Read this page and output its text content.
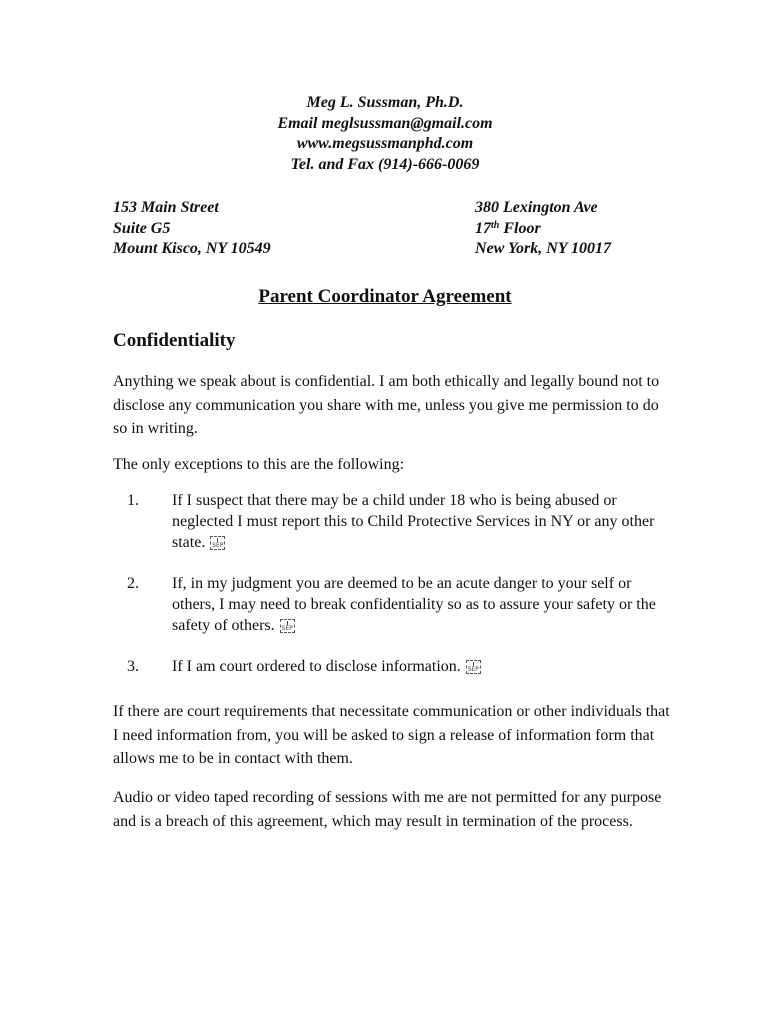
Meg L. Sussman, Ph.D.
Email meglsussman@gmail.com
www.megsussmanphd.com
Tel. and Fax (914)-666-0069
153 Main Street
Suite G5
Mount Kisco, NY 10549
380 Lexington Ave
17th Floor
New York, NY 10017
Parent Coordinator Agreement
Confidentiality

Anything we speak about is confidential. I am both ethically and legally bound not to disclose any communication you share with me, unless you give me permission to do so in writing.

The only exceptions to this are the following:

1. If I suspect that there may be a child under 18 who is being abused or neglected I must report this to Child Protective Services in NY or any other state.SEP
2. If, in my judgment you are deemed to be an acute danger to your self or others, I may need to break confidentiality so as to assure your safety or the safety of others.SEP
3. If I am court ordered to disclose information.SEP

If there are court requirements that necessitate communication or other individuals that I need information from, you will be asked to sign a release of information form that allows me to be in contact with them.

Audio or video taped recording of sessions with me are not permitted for any purpose and is a breach of this agreement, which may result in termination of the process.
